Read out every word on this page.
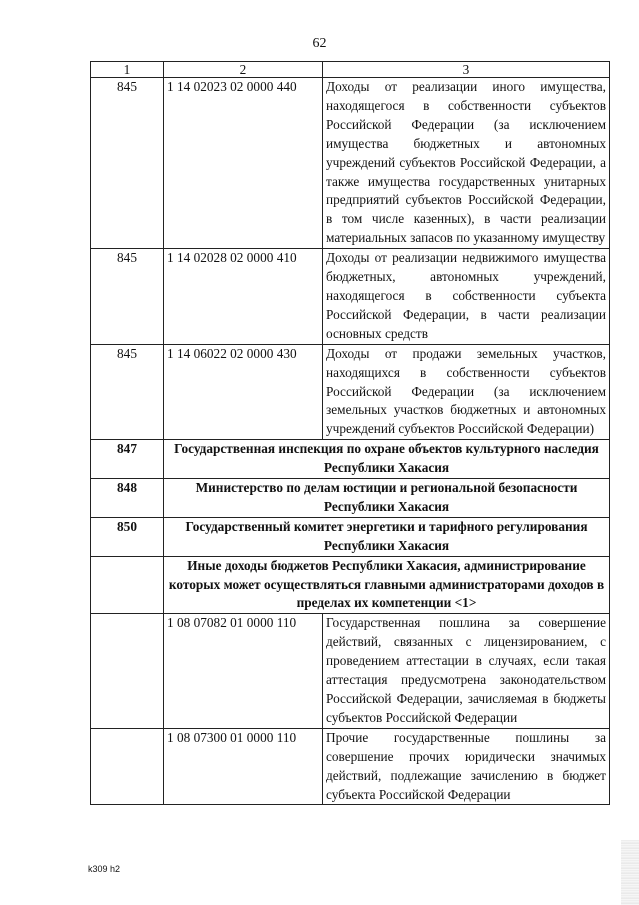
62
1	2	3
845	1 14 02023 02 0000 440	Доходы от реализации иного имущества, находящегося в собственности субъектов Российской Федерации (за исключением имущества бюджетных и автономных учреждений субъектов Российской Федерации, а также имущества государственных унитарных предприятий субъектов Российской Федерации, в том числе казенных), в части реализации материальных запасов по указанному имуществу
845	1 14 02028 02 0000 410	Доходы от реализации недвижимого имущества бюджетных, автономных учреждений, находящегося в собственности субъекта Российской Федерации, в части реализации основных средств
845	1 14 06022 02 0000 430	Доходы от продажи земельных участков, находящихся в собственности субъектов Российской Федерации (за исключением земельных участков бюджетных и автономных учреждений субъектов Российской Федерации)
847	Государственная инспекция по охране объектов культурного наследия Республики Хакасия	
848	Министерство по делам юстиции и региональной безопасности Республики Хакасия	
850	Государственный комитет энергетики и тарифного регулирования Республики Хакасия	
	Иные доходы бюджетов Республики Хакасия, администрирование которых может осуществляться главными администраторами доходов в пределах их компетенции <1>	
	1 08 07082 01 0000 110	Государственная пошлина за совершение действий, связанных с лицензированием, с проведением аттестации в случаях, если такая аттестация предусмотрена законодательством Российской Федерации, зачисляемая в бюджеты субъектов Российской Федерации
	1 08 07300 01 0000 110	Прочие государственные пошлины за совершение прочих юридически значимых действий, подлежащие зачислению в бюджет субъекта Российской Федерации
k309 h2
